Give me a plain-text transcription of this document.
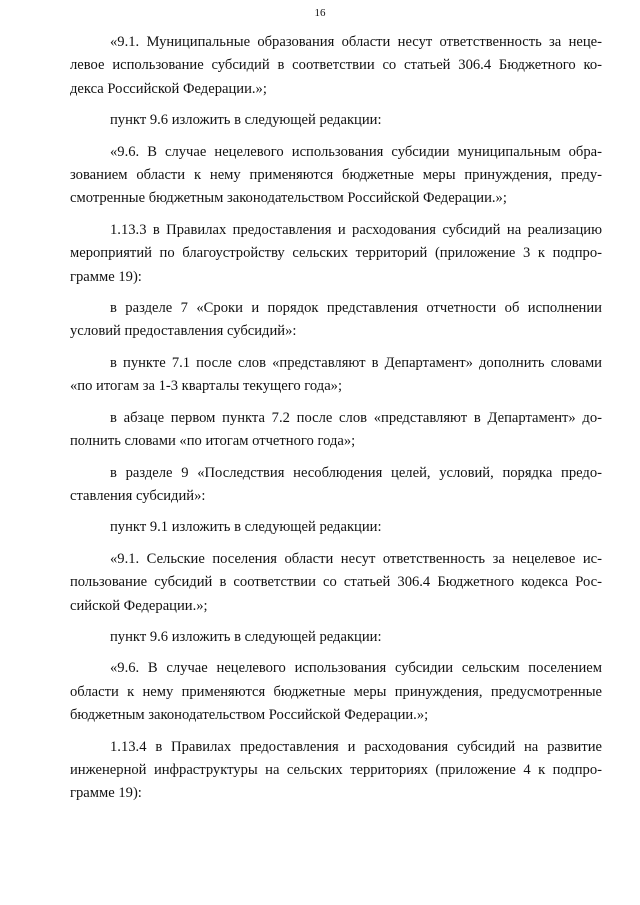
16

«9.1. Муниципальные образования области несут ответственность за неце-
левое использование субсидий в соответствии со статьей 306.4 Бюджетного ко-
декса Российской Федерации.»;

пункт 9.6 изложить в следующей редакции:

«9.6. В случае нецелевого использования субсидии муниципальным обра-
зованием области к нему применяются бюджетные меры принуждения, преду-
смотренные бюджетным законодательством Российской Федерации.»;

1.13.3 в Правилах предоставления и расходования субсидий на реализацию
мероприятий по благоустройству сельских территорий (приложение 3 к подпро-
грамме 19):

в разделе 7 «Сроки и порядок представления отчетности об исполнении
условий предоставления субсидий»:

в пункте 7.1 после слов «представляют в Департамент» дополнить словами
«по итогам за 1-3 кварталы текущего года»;

в абзаце первом пункта 7.2 после слов «представляют в Департамент» до-
полнить словами «по итогам отчетного года»;

в разделе 9 «Последствия несоблюдения целей, условий, порядка предо-
ставления субсидий»:

пункт 9.1 изложить в следующей редакции:

«9.1. Сельские поселения области несут ответственность за нецелевое ис-
пользование субсидий в соответствии со статьей 306.4 Бюджетного кодекса Рос-
сийской Федерации.»;

пункт 9.6 изложить в следующей редакции:

«9.6. В случае нецелевого использования субсидии сельским поселением
области к нему применяются бюджетные меры принуждения, предусмотренные
бюджетным законодательством Российской Федерации.»;

1.13.4 в Правилах предоставления и расходования субсидий на развитие
инженерной инфраструктуры на сельских территориях (приложение 4 к подпро-
грамме 19):
